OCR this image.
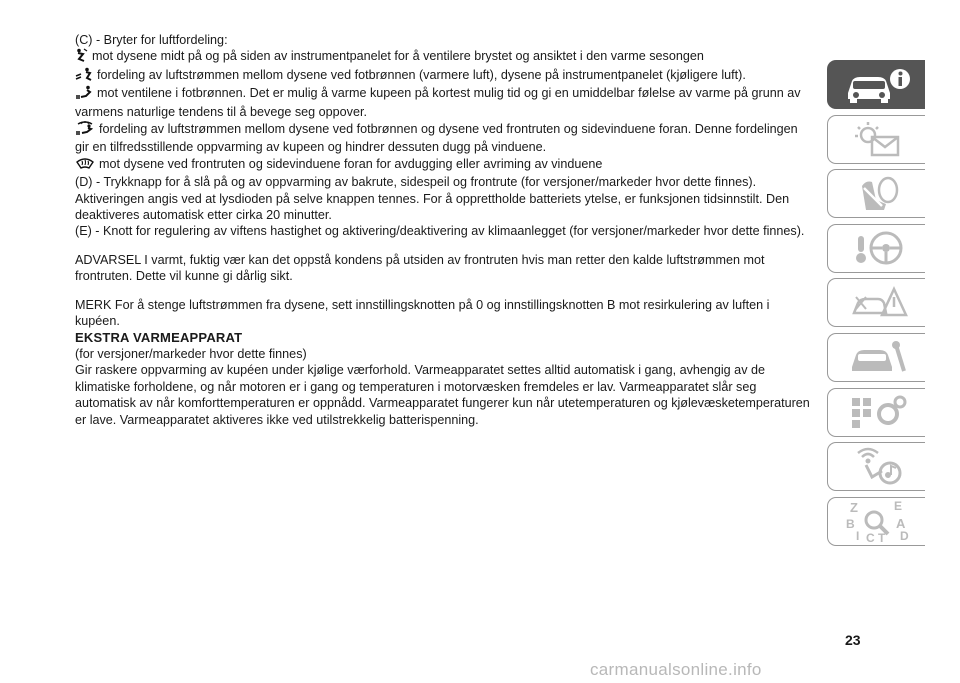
(C) - Bryter for luftfordeling:

mot dysene midt på og på siden av instrumentpanelet for å ventilere brystet og ansiktet i den varme sesongen

fordeling av luftstrømmen mellom dysene ved fotbrønnen (varmere luft), dysene på instrumentpanelet (kjøligere luft).

mot ventilene i fotbrønnen. Det er mulig å varme kupeen på kortest mulig tid og gi en umiddelbar følelse av varme på grunn av varmens naturlige tendens til å bevege seg oppover.

fordeling av luftstrømmen mellom dysene ved fotbrønnen og dysene ved frontruten og sidevinduene foran. Denne fordelingen gir en tilfredsstillende oppvarming av kupeen og hindrer dessuten dugg på vinduene.

mot dysene ved frontruten og sidevinduene foran for avdugging eller avriming av vinduene

(D) - Trykknapp for å slå på og av oppvarming av bakrute, sidespeil og frontrute (for versjoner/markeder hvor dette finnes). Aktiveringen angis ved at lysdioden på selve knappen tennes. For å opprettholde batteriets ytelse, er funksjonen tidsinnstilt. Den deaktiveres automatisk etter cirka 20 minutter.

(E) - Knott for regulering av viftens hastighet og aktivering/deaktivering av klimaanlegget (for versjoner/markeder hvor dette finnes).

ADVARSEL I varmt, fuktig vær kan det oppstå kondens på utsiden av frontruten hvis man retter den kalde luftstrømmen mot frontruten. Dette vil kunne gi dårlig sikt.

MERK For å stenge luftstrømmen fra dysene, sett innstillingsknotten på 0 og innstillingsknotten B mot resirkulering av luften i kupéen.

EKSTRA VARMEAPPARAT

(for versjoner/markeder hvor dette finnes)

Gir raskere oppvarming av kupéen under kjølige værforhold. Varmeapparatet settes alltid automatisk i gang, avhengig av de klimatiske forholdene, og når motoren er i gang og temperaturen i motorvæsken fremdeles er lav. Varmeapparatet slår seg automatisk av når komforttemperaturen er oppnådd. Varmeapparatet fungerer kun når utetemperaturen og kjølevæsketemperaturen er lave. Varmeapparatet aktiveres ikke ved utilstrekkelig batterispenning.

Z	E
B	A
I C T D
23
carmanualsonline.info
